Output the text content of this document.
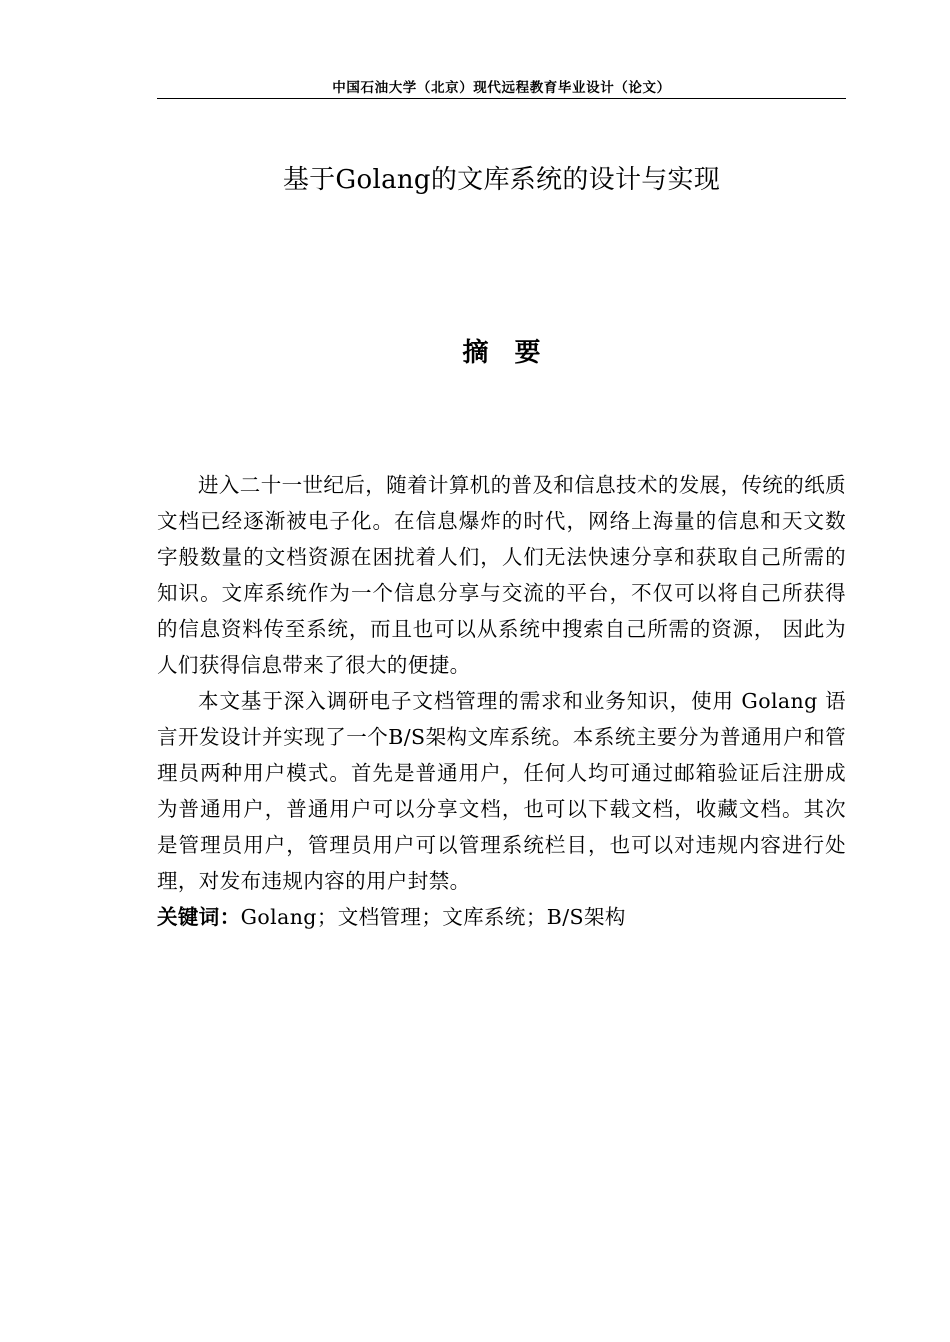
中国石油大学（北京）现代远程教育毕业设计（论文）
基于Golang的文库系统的设计与实现
摘要

进入二十一世纪后，随着计算机的普及和信息技术的发展，传统的纸质文档已经逐渐被电子化。在信息爆炸的时代，网络上海量的信息和天文数字般数量的文档资源在困扰着人们，人们无法快速分享和获取自己所需的知识。文库系统作为一个信息分享与交流的平台，不仅可以将自己所获得的信息资料传至系统，而且也可以从系统中搜索自己所需的资源， 因此为人们获得信息带来了很大的便捷。

本文基于深入调研电子文档管理的需求和业务知识，使用 Golang 语言开发设计并实现了一个B/S架构文库系统。本系统主要分为普通用户和管理员两种用户模式。首先是普通用户，任何人均可通过邮箱验证后注册成为普通用户，普通用户可以分享文档，也可以下载文档，收藏文档。其次是管理员用户，管理员用户可以管理系统栏目，也可以对违规内容进行处理，对发布违规内容的用户封禁。

关键词：Golang；文档管理；文库系统；B/S架构
